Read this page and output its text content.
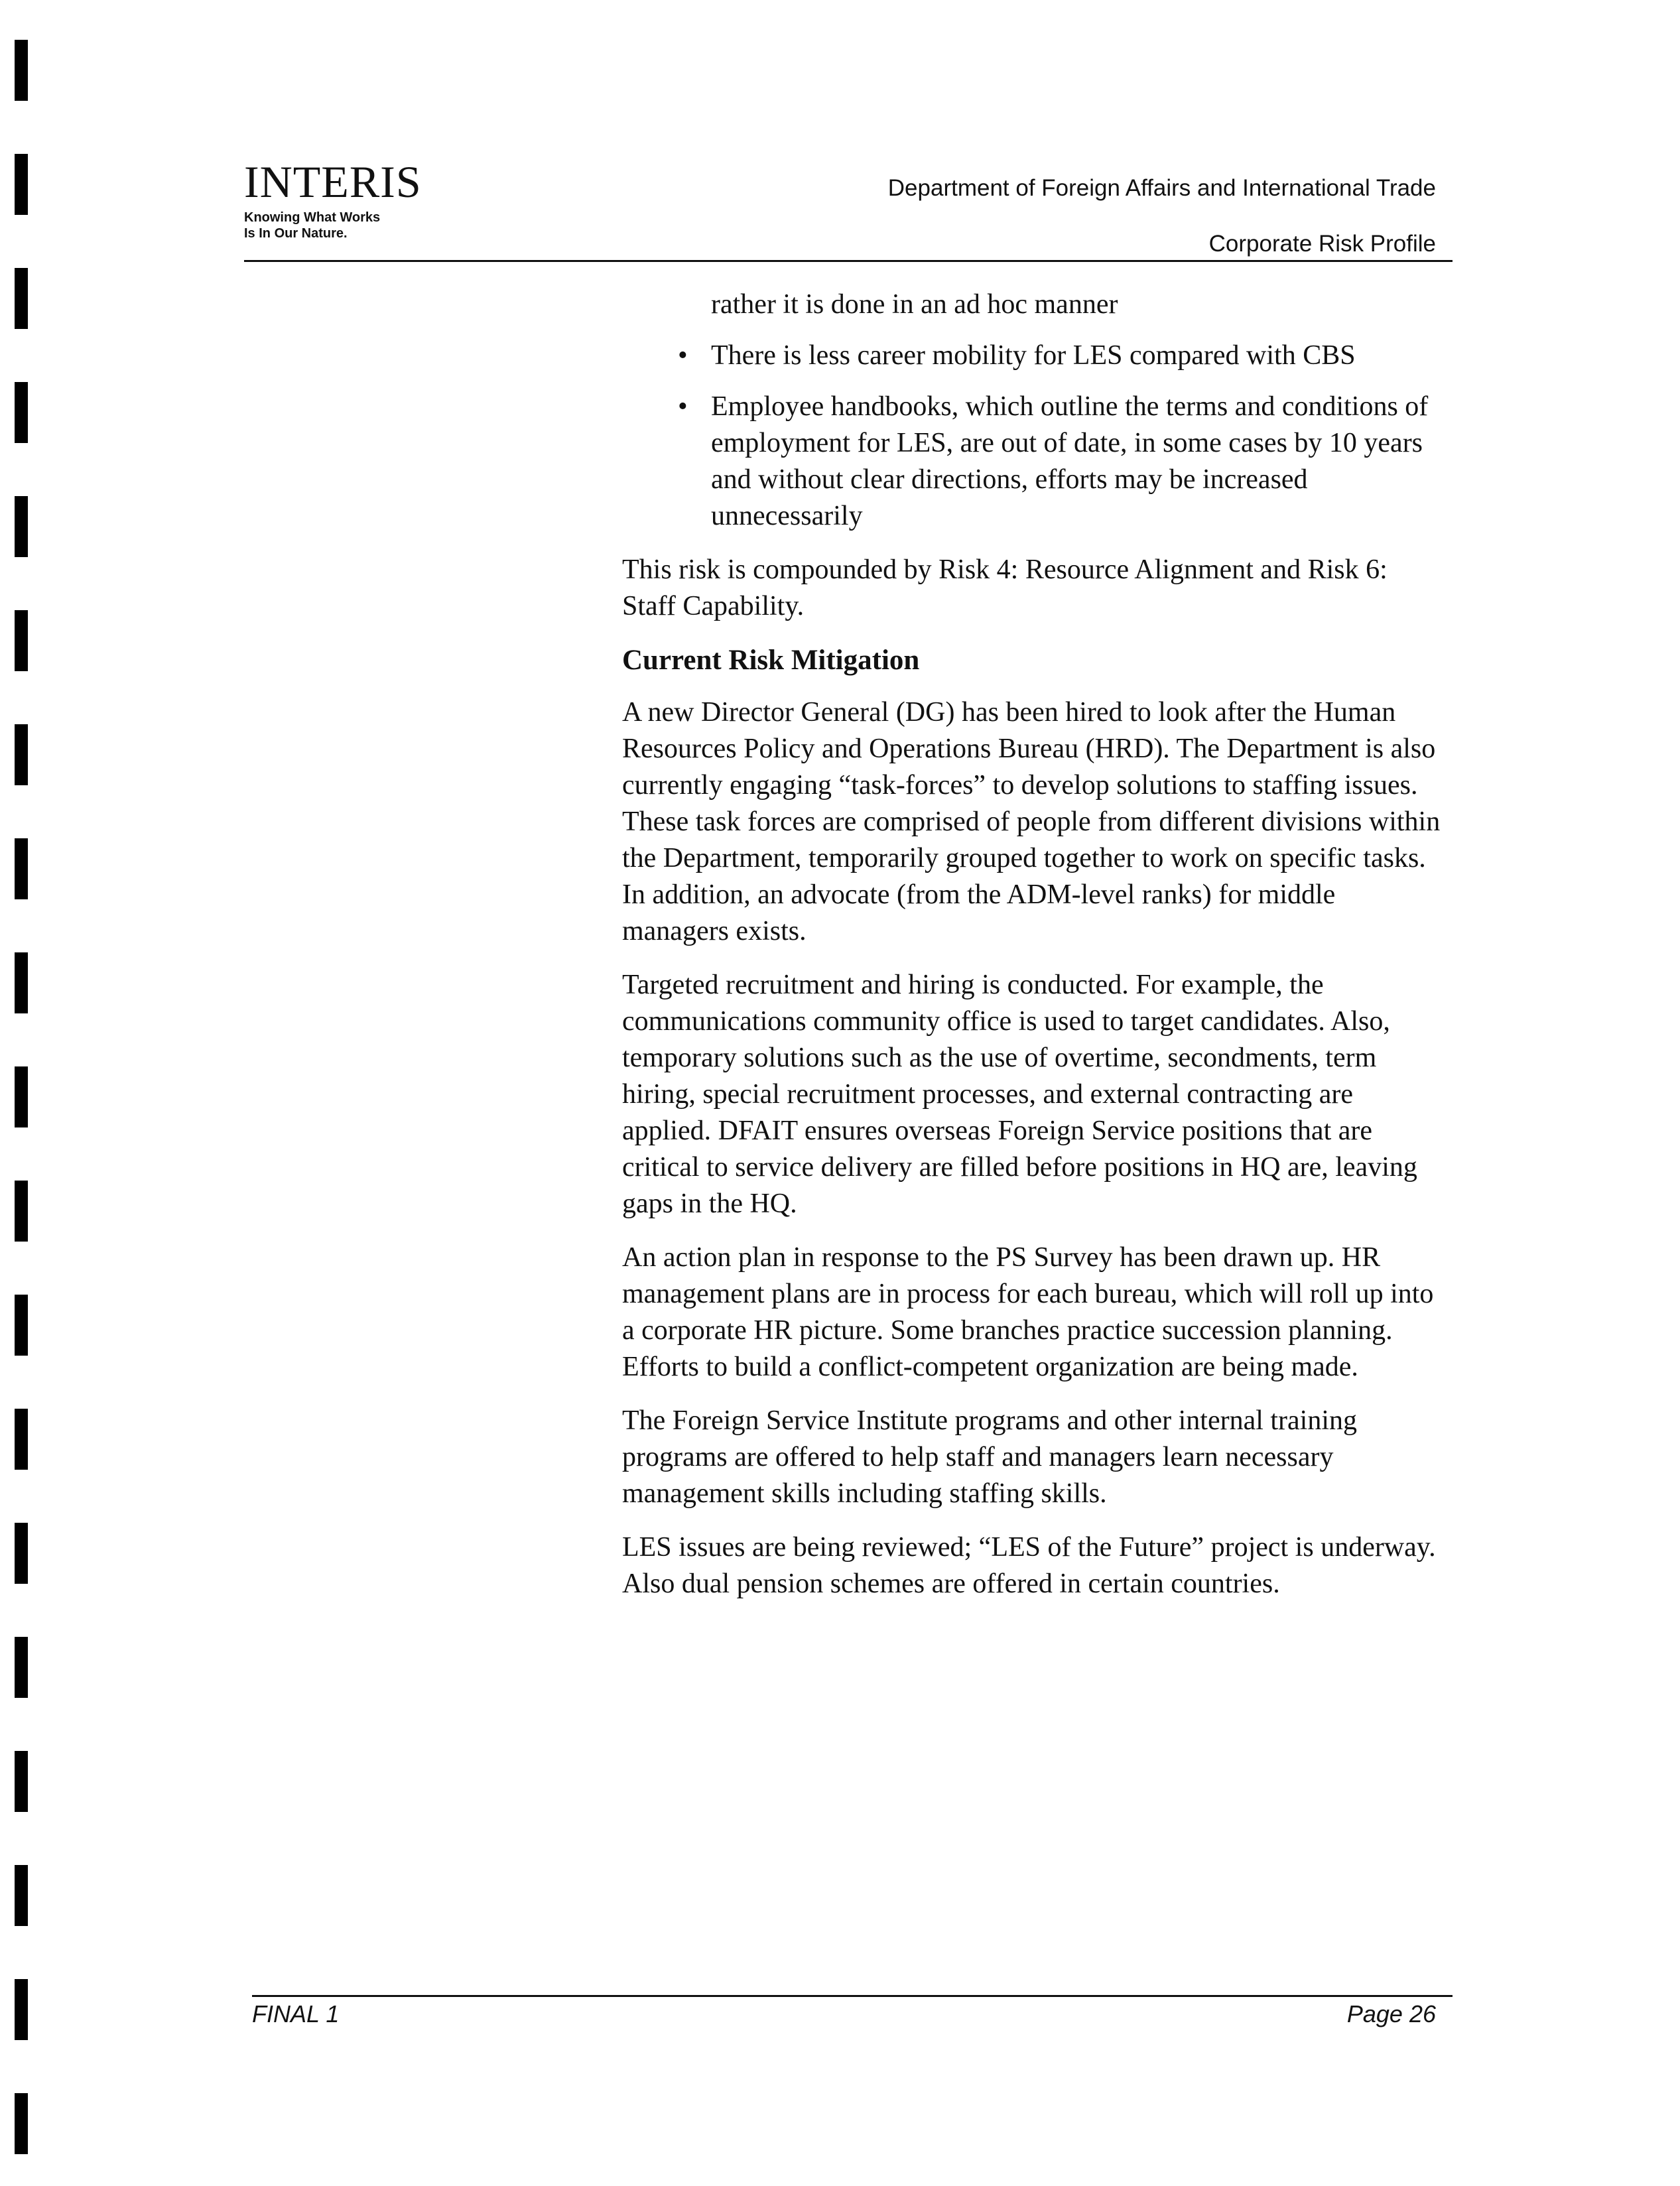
INTERIS
Knowing What Works
Is In Our Nature.
Department of Foreign Affairs and International Trade
Corporate Risk Profile
rather it is done in an ad hoc manner
• There is less career mobility for LES compared with CBS
• Employee handbooks, which outline the terms and conditions of employment for LES, are out of date, in some cases by 10 years and without clear directions, efforts may be increased unnecessarily

This risk is compounded by Risk 4: Resource Alignment and Risk 6: Staff Capability.

Current Risk Mitigation

A new Director General (DG) has been hired to look after the Human Resources Policy and Operations Bureau (HRD). The Department is also currently engaging “task-forces” to develop solutions to staffing issues. These task forces are comprised of people from different divisions within the Department, temporarily grouped together to work on specific tasks. In addition, an advocate (from the ADM-level ranks) for middle managers exists.

Targeted recruitment and hiring is conducted. For example, the communications community office is used to target candidates. Also, temporary solutions such as the use of overtime, secondments, term hiring, special recruitment processes, and external contracting are applied. DFAIT ensures overseas Foreign Service positions that are critical to service delivery are filled before positions in HQ are, leaving gaps in the HQ.

An action plan in response to the PS Survey has been drawn up. HR management plans are in process for each bureau, which will roll up into a corporate HR picture. Some branches practice succession planning. Efforts to build a conflict-competent organization are being made.

The Foreign Service Institute programs and other internal training programs are offered to help staff and managers learn necessary management skills including staffing skills.

LES issues are being reviewed; “LES of the Future” project is underway. Also dual pension schemes are offered in certain countries.

FINAL 1	Page 26
